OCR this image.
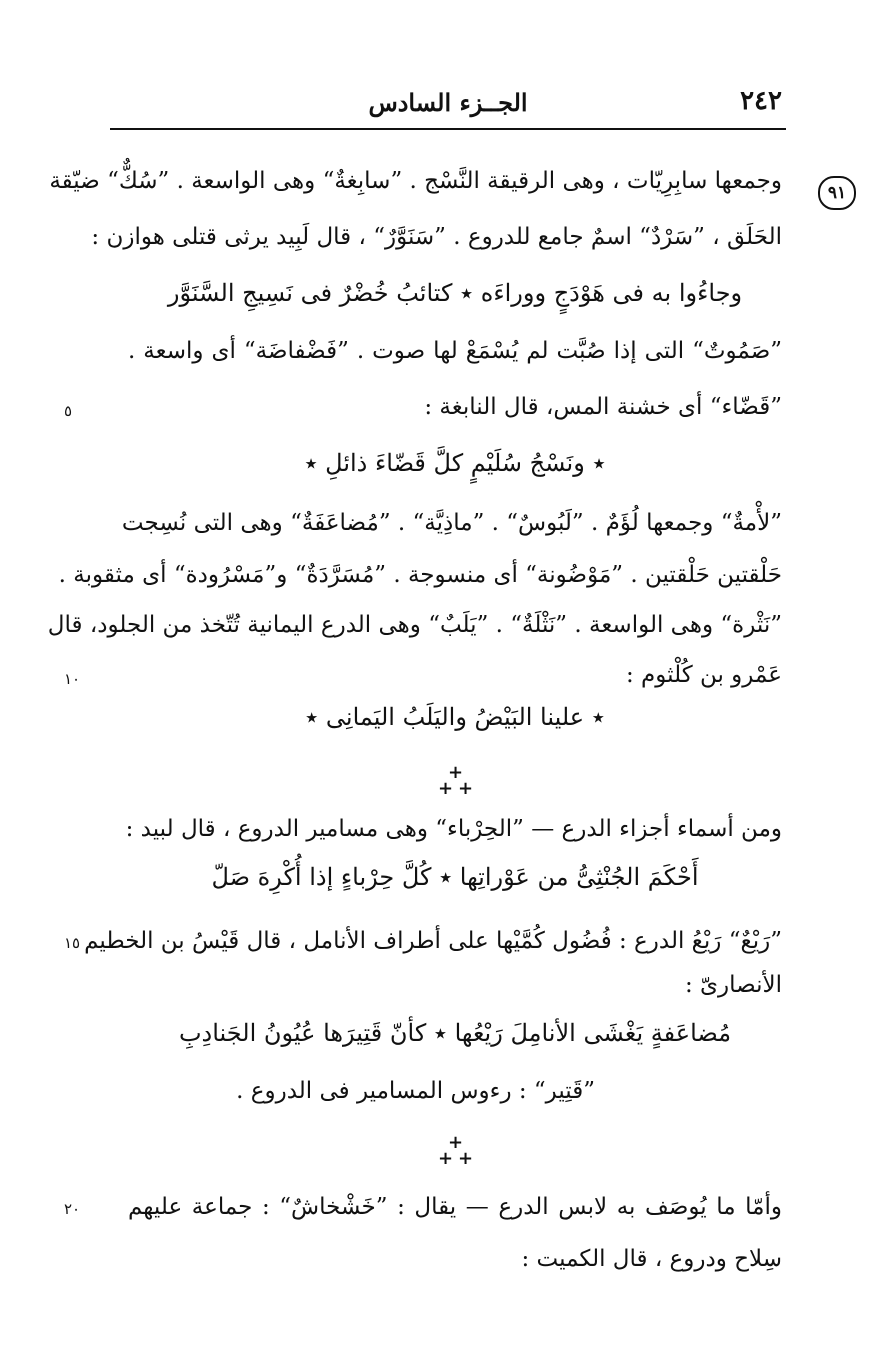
٢٤٢
الجــزء السادس
٩١
٥
١٠
١٥
٢٠
وجمعها سابِرِيّات ، وهى الرقيقة النَّسْج . ”سابِغةٌ“ وهى الواسعة . ”سُكٌّ“ ضيّقة
الحَلَق ، ”سَرْدٌ“ اسمٌ جامع للدروع . ”سَنَوَّرٌ“ ، قال لَبِيد يرثى قتلى هوازن :
وجاءُوا به فى هَوْدَجٍ ووراءَه ٭ كتائبُ خُضْرٌ فى نَسِيجِ السَّنَوَّر
”صَمُوتٌ“ التى إذا صُبَّت لم يُسْمَعْ لها صوت . ”فَضْفاضَة“ أى واسعة .
”قَضّاء“ أى خشنة المس، قال النابغة :
٭ ونَسْجُ سُلَيْمٍ كلَّ قَضّاءَ ذائلِ ٭
”لأْمةٌ“ وجمعها لُؤَمٌ . ”لَبُوسٌ“ . ”ماذِيَّة“ . ”مُضاعَفَةٌ“ وهى التى نُسِجت
حَلْقتين حَلْقتين . ”مَوْضُونة“ أى منسوجة . ”مُسَرَّدَةٌ“ و”مَسْرُودة“ أى مثقوبة .
”نَثْرة“ وهى الواسعة . ”نَثْلَةٌ“ . ”يَلَبٌ“ وهى الدرع اليمانية تُتّخذ من الجلود، قال
عَمْرو بن كُلْثوم :
٭ علينا البَيْضُ واليَلَبُ اليَمانِى ٭
+
+ +
ومن أسماء أجزاء الدرع — ”الحِرْباء“ وهى مسامير الدروع ، قال لبيد :
أَحْكَمَ الجُنْثِىُّ من عَوْراتِها ٭ كُلَّ حِرْباءٍ إذا أُكْرِهَ صَلّ
”رَيْعٌ“ رَيْعُ الدرع : فُضُول كُمَّيْها على أطراف الأنامل ، قال قَيْسُ بن الخطيم
الأنصارىّ :
مُضاعَفةٍ يَغْشَى الأنامِلَ رَيْعُها ٭ كأنّ قَتِيرَها عُيُونُ الجَنادِبِ
”قَتِير“ : رءوس المسامير فى الدروع .
+
+ +
وأمّا ما يُوصَف به لابس الدرع — يقال : ”خَشْخاشٌ“ : جماعة عليهم
سِلاح ودروع ، قال الكميت :
